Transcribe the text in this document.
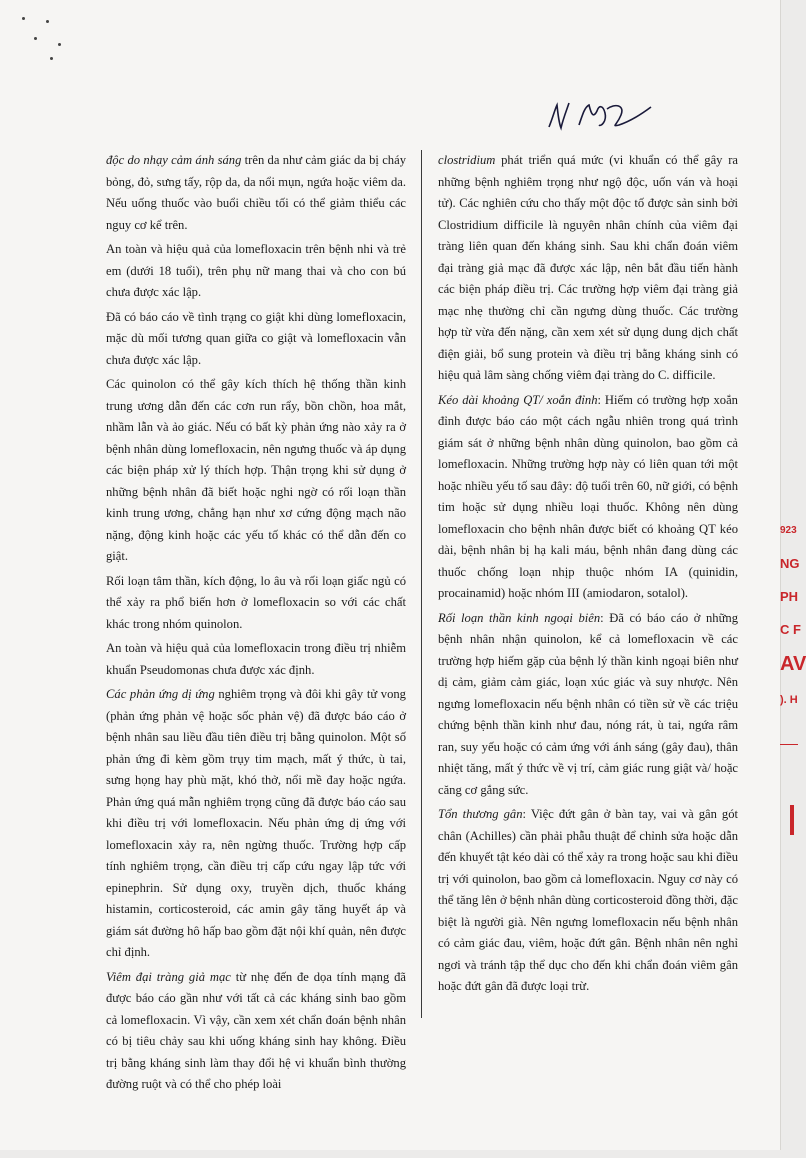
độc do nhạy cảm ánh sáng trên da như cảm giác da bị cháy bỏng, đỏ, sưng tấy, rộp da, da nổi mụn, ngứa hoặc viêm da. Nếu uống thuốc vào buổi chiều tối có thể giảm thiểu các nguy cơ kể trên.

An toàn và hiệu quả của lomefloxacin trên bệnh nhi và trẻ em (dưới 18 tuổi), trên phụ nữ mang thai và cho con bú chưa được xác lập.

Đã có báo cáo về tình trạng co giật khi dùng lomefloxacin, mặc dù mối tương quan giữa co giật và lomefloxacin vẫn chưa được xác lập.

Các quinolon có thể gây kích thích hệ thống thần kinh trung ương dẫn đến các cơn run rẩy, bồn chồn, hoa mắt, nhầm lẫn và ảo giác. Nếu có bất kỳ phản ứng nào xảy ra ở bệnh nhân dùng lomefloxacin, nên ngưng thuốc và áp dụng các biện pháp xử lý thích hợp. Thận trọng khi sử dụng ở những bệnh nhân đã biết hoặc nghi ngờ có rối loạn thần kinh trung ương, chẳng hạn như xơ cứng động mạch não nặng, động kinh hoặc các yếu tố khác có thể dẫn đến co giật.

Rối loạn tâm thần, kích động, lo âu và rối loạn giấc ngủ có thể xảy ra phổ biến hơn ở lomefloxacin so với các chất khác trong nhóm quinolon.

An toàn và hiệu quả của lomefloxacin trong điều trị nhiễm khuẩn Pseudomonas chưa được xác định.

Các phản ứng dị ứng nghiêm trọng và đôi khi gây tử vong (phản ứng phản vệ hoặc sốc phản vệ) đã được báo cáo ở bệnh nhân sau liều đầu tiên điều trị bằng quinolon. Một số phản ứng đi kèm gồm trụy tim mạch, mất ý thức, ù tai, sưng họng hay phù mặt, khó thở, nổi mề đay hoặc ngứa. Phản ứng quá mẫn nghiêm trọng cũng đã được báo cáo sau khi điều trị với lomefloxacin. Nếu phản ứng dị ứng với lomefloxacin xảy ra, nên ngừng thuốc. Trường hợp cấp tính nghiêm trọng, cần điều trị cấp cứu ngay lập tức với epinephrin. Sử dụng oxy, truyền dịch, thuốc kháng histamin, corticosteroid, các amin gây tăng huyết áp và giám sát đường hô hấp bao gồm đặt nội khí quản, nên được chỉ định.

Viêm đại tràng giả mạc từ nhẹ đến đe dọa tính mạng đã được báo cáo gần như với tất cả các kháng sinh bao gồm cả lomefloxacin. Vì vậy, cần xem xét chẩn đoán bệnh nhân có bị tiêu chảy sau khi uống kháng sinh hay không. Điều trị bằng kháng sinh làm thay đổi hệ vi khuẩn bình thường đường ruột và có thể cho phép loài

clostridium phát triển quá mức (vi khuẩn có thể gây ra những bệnh nghiêm trọng như ngộ độc, uốn ván và hoại tử). Các nghiên cứu cho thấy một độc tố được sản sinh bởi Clostridium difficile là nguyên nhân chính của viêm đại tràng liên quan đến kháng sinh. Sau khi chẩn đoán viêm đại tràng giả mạc đã được xác lập, nên bắt đầu tiến hành các biện pháp điều trị. Các trường hợp viêm đại tràng giả mạc nhẹ thường chỉ cần ngưng dùng thuốc. Các trường hợp từ vừa đến nặng, cần xem xét sử dụng dung dịch chất điện giải, bổ sung protein và điều trị bằng kháng sinh có hiệu quả lâm sàng chống viêm đại tràng do C. difficile.

Kéo dài khoảng QT/ xoắn đỉnh: Hiếm có trường hợp xoắn đỉnh được báo cáo một cách ngẫu nhiên trong quá trình giám sát ở những bệnh nhân dùng quinolon, bao gồm cả lomefloxacin. Những trường hợp này có liên quan tới một hoặc nhiều yếu tố sau đây: độ tuổi trên 60, nữ giới, có bệnh tim hoặc sử dụng nhiều loại thuốc. Không nên dùng lomefloxacin cho bệnh nhân được biết có khoảng QT kéo dài, bệnh nhân bị hạ kali máu, bệnh nhân đang dùng các thuốc chống loạn nhịp thuộc nhóm IA (quinidin, procainamid) hoặc nhóm III (amiodaron, sotalol).

Rối loạn thần kinh ngoại biên: Đã có báo cáo ở những bệnh nhân nhận quinolon, kể cả lomefloxacin về các trường hợp hiếm gặp của bệnh lý thần kinh ngoại biên như dị cảm, giảm cảm giác, loạn xúc giác và suy nhược. Nên ngưng lomefloxacin nếu bệnh nhân có tiền sử về các triệu chứng bệnh thần kinh như đau, nóng rát, ù tai, ngứa râm ran, suy yếu hoặc có cảm ứng với ánh sáng (gây đau), thân nhiệt tăng, mất ý thức về vị trí, cảm giác rung giật và/ hoặc căng cơ gắng sức.

Tổn thương gân: Việc đứt gân ở bàn tay, vai và gân gót chân (Achilles) cần phải phẫu thuật để chỉnh sửa hoặc dẫn đến khuyết tật kéo dài có thể xảy ra trong hoặc sau khi điều trị với quinolon, bao gồm cả lomefloxacin. Nguy cơ này có thể tăng lên ở bệnh nhân dùng corticosteroid đồng thời, đặc biệt là người già. Nên ngưng lomefloxacin nếu bệnh nhân có cảm giác đau, viêm, hoặc đứt gân. Bệnh nhân nên nghỉ ngơi và tránh tập thể dục cho đến khi chẩn đoán viêm gân hoặc đứt gân đã được loại trừ.

923
NG
PH
C F
AV
). H
